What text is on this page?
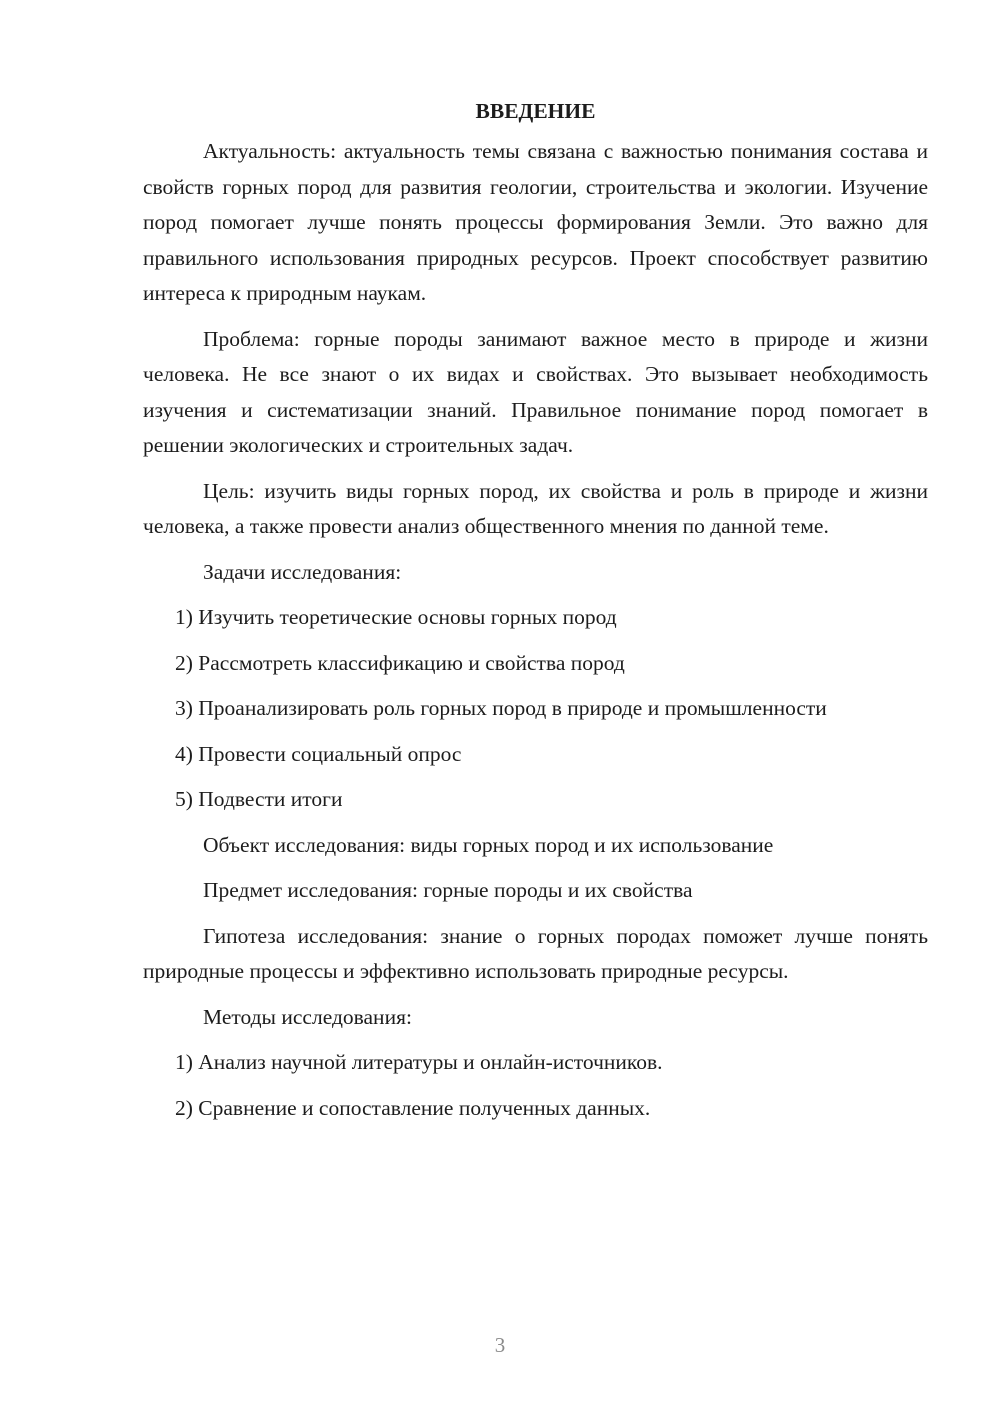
ВВЕДЕНИЕ

Актуальность: актуальность темы связана с важностью понимания состава и свойств горных пород для развития геологии, строительства и экологии. Изучение пород помогает лучше понять процессы формирования Земли. Это важно для правильного использования природных ресурсов. Проект способствует развитию интереса к природным наукам.

Проблема: горные породы занимают важное место в природе и жизни человека. Не все знают о их видах и свойствах. Это вызывает необходимость изучения и систематизации знаний. Правильное понимание пород помогает в решении экологических и строительных задач.

Цель: изучить виды горных пород, их свойства и роль в природе и жизни человека, а также провести анализ общественного мнения по данной теме.

Задачи исследования:

1) Изучить теоретические основы горных пород

2) Рассмотреть классификацию и свойства пород

3) Проанализировать роль горных пород в природе и промышленности

4) Провести социальный опрос

5) Подвести итоги

Объект исследования: виды горных пород и их использование

Предмет исследования: горные породы и их свойства

Гипотеза исследования: знание о горных породах поможет лучше понять природные процессы и эффективно использовать природные ресурсы.

Методы исследования:

1) Анализ научной литературы и онлайн-источников.

2) Сравнение и сопоставление полученных данных.

3
